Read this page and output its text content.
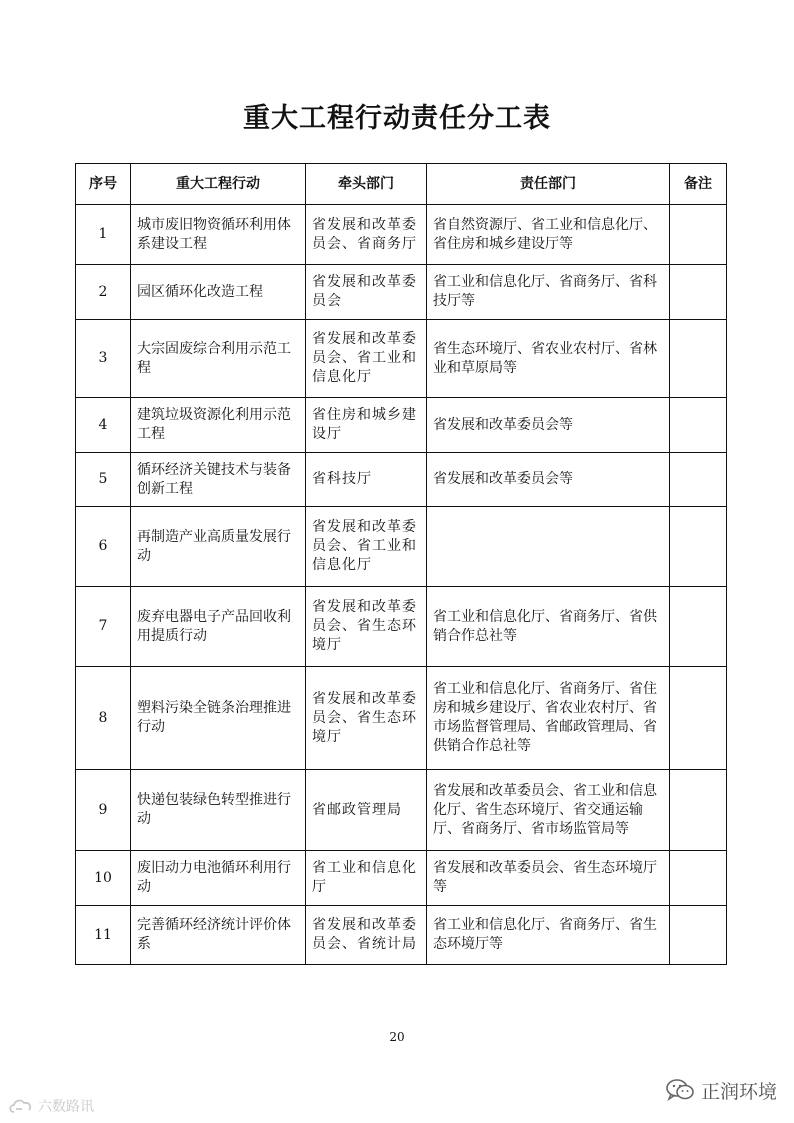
重大工程行动责任分工表
序号	重大工程行动	牵头部门	责任部门	备注
1	城市废旧物资循环利用体系建设工程	省发展和改革委员会、省商务厅	省自然资源厅、省工业和信息化厅、省住房和城乡建设厅等	
2	园区循环化改造工程	省发展和改革委员会	省工业和信息化厅、省商务厅、省科技厅等	
3	大宗固废综合利用示范工程	省发展和改革委员会、省工业和信息化厅	省生态环境厅、省农业农村厅、省林业和草原局等	
4	建筑垃圾资源化利用示范工程	省住房和城乡建设厅	省发展和改革委员会等	
5	循环经济关键技术与装备创新工程	省科技厅	省发展和改革委员会等	
6	再制造产业高质量发展行动	省发展和改革委员会、省工业和信息化厅		
7	废弃电器电子产品回收利用提质行动	省发展和改革委员会、省生态环境厅	省工业和信息化厅、省商务厅、省供销合作总社等	
8	塑料污染全链条治理推进行动	省发展和改革委员会、省生态环境厅	省工业和信息化厅、省商务厅、省住房和城乡建设厅、省农业农村厅、省市场监督管理局、省邮政管理局、省供销合作总社等	
9	快递包装绿色转型推进行动	省邮政管理局	省发展和改革委员会、省工业和信息化厅、省生态环境厅、省交通运输厅、省商务厅、省市场监管局等	
10	废旧动力电池循环利用行动	省工业和信息化厅	省发展和改革委员会、省生态环境厅等	
11	完善循环经济统计评价体系	省发展和改革委员会、省统计局	省工业和信息化厅、省商务厅、省生态环境厅等	
20
正润环境
六数路讯
